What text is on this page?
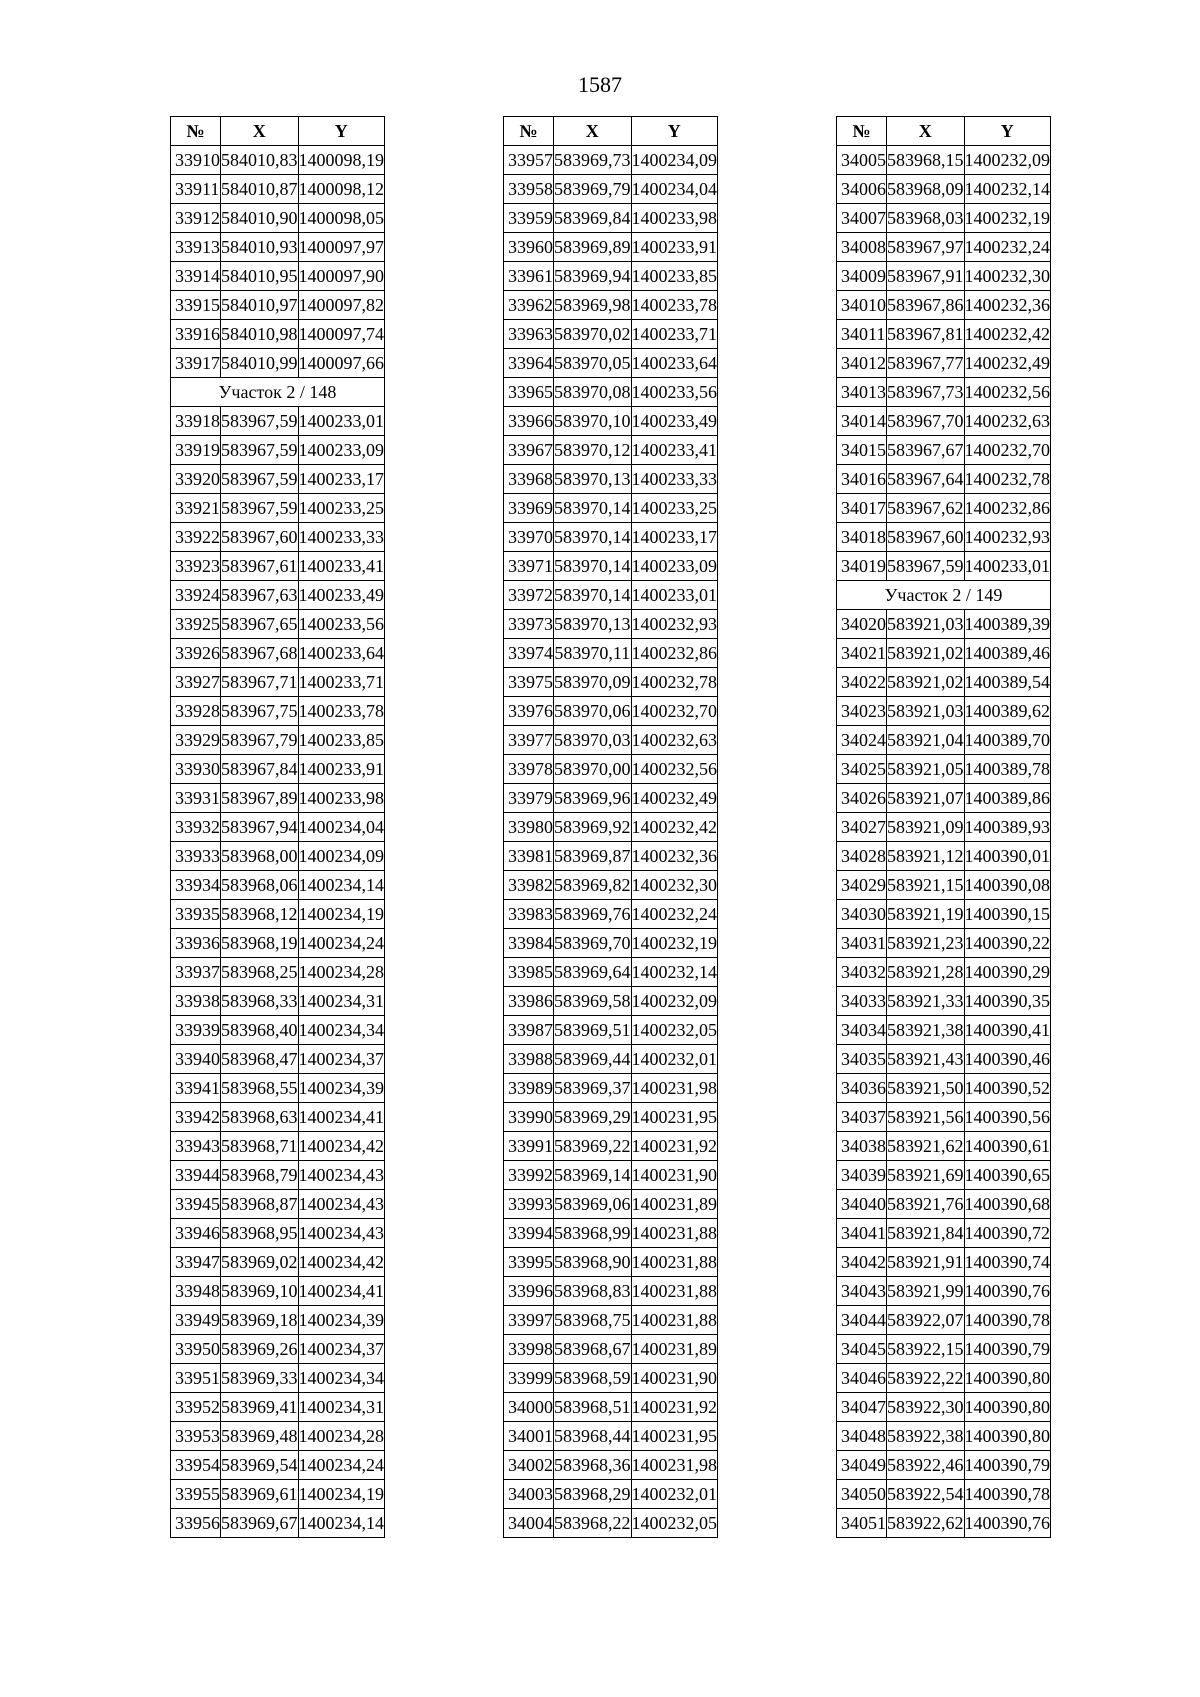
1587
№	X	Y
33910	584010,83	1400098,19
33911	584010,87	1400098,12
33912	584010,90	1400098,05
33913	584010,93	1400097,97
33914	584010,95	1400097,90
33915	584010,97	1400097,82
33916	584010,98	1400097,74
33917	584010,99	1400097,66
Участок 2 / 148		
33918	583967,59	1400233,01
33919	583967,59	1400233,09
33920	583967,59	1400233,17
33921	583967,59	1400233,25
33922	583967,60	1400233,33
33923	583967,61	1400233,41
33924	583967,63	1400233,49
33925	583967,65	1400233,56
33926	583967,68	1400233,64
33927	583967,71	1400233,71
33928	583967,75	1400233,78
33929	583967,79	1400233,85
33930	583967,84	1400233,91
33931	583967,89	1400233,98
33932	583967,94	1400234,04
33933	583968,00	1400234,09
33934	583968,06	1400234,14
33935	583968,12	1400234,19
33936	583968,19	1400234,24
33937	583968,25	1400234,28
33938	583968,33	1400234,31
33939	583968,40	1400234,34
33940	583968,47	1400234,37
33941	583968,55	1400234,39
33942	583968,63	1400234,41
33943	583968,71	1400234,42
33944	583968,79	1400234,43
33945	583968,87	1400234,43
33946	583968,95	1400234,43
33947	583969,02	1400234,42
33948	583969,10	1400234,41
33949	583969,18	1400234,39
33950	583969,26	1400234,37
33951	583969,33	1400234,34
33952	583969,41	1400234,31
33953	583969,48	1400234,28
33954	583969,54	1400234,24
33955	583969,61	1400234,19
33956	583969,67	1400234,14
№	X	Y
33957	583969,73	1400234,09
33958	583969,79	1400234,04
33959	583969,84	1400233,98
33960	583969,89	1400233,91
33961	583969,94	1400233,85
33962	583969,98	1400233,78
33963	583970,02	1400233,71
33964	583970,05	1400233,64
33965	583970,08	1400233,56
33966	583970,10	1400233,49
33967	583970,12	1400233,41
33968	583970,13	1400233,33
33969	583970,14	1400233,25
33970	583970,14	1400233,17
33971	583970,14	1400233,09
33972	583970,14	1400233,01
33973	583970,13	1400232,93
33974	583970,11	1400232,86
33975	583970,09	1400232,78
33976	583970,06	1400232,70
33977	583970,03	1400232,63
33978	583970,00	1400232,56
33979	583969,96	1400232,49
33980	583969,92	1400232,42
33981	583969,87	1400232,36
33982	583969,82	1400232,30
33983	583969,76	1400232,24
33984	583969,70	1400232,19
33985	583969,64	1400232,14
33986	583969,58	1400232,09
33987	583969,51	1400232,05
33988	583969,44	1400232,01
33989	583969,37	1400231,98
33990	583969,29	1400231,95
33991	583969,22	1400231,92
33992	583969,14	1400231,90
33993	583969,06	1400231,89
33994	583968,99	1400231,88
33995	583968,90	1400231,88
33996	583968,83	1400231,88
33997	583968,75	1400231,88
33998	583968,67	1400231,89
33999	583968,59	1400231,90
34000	583968,51	1400231,92
34001	583968,44	1400231,95
34002	583968,36	1400231,98
34003	583968,29	1400232,01
34004	583968,22	1400232,05
№	X	Y
34005	583968,15	1400232,09
34006	583968,09	1400232,14
34007	583968,03	1400232,19
34008	583967,97	1400232,24
34009	583967,91	1400232,30
34010	583967,86	1400232,36
34011	583967,81	1400232,42
34012	583967,77	1400232,49
34013	583967,73	1400232,56
34014	583967,70	1400232,63
34015	583967,67	1400232,70
34016	583967,64	1400232,78
34017	583967,62	1400232,86
34018	583967,60	1400232,93
34019	583967,59	1400233,01
Участок 2 / 149		
34020	583921,03	1400389,39
34021	583921,02	1400389,46
34022	583921,02	1400389,54
34023	583921,03	1400389,62
34024	583921,04	1400389,70
34025	583921,05	1400389,78
34026	583921,07	1400389,86
34027	583921,09	1400389,93
34028	583921,12	1400390,01
34029	583921,15	1400390,08
34030	583921,19	1400390,15
34031	583921,23	1400390,22
34032	583921,28	1400390,29
34033	583921,33	1400390,35
34034	583921,38	1400390,41
34035	583921,43	1400390,46
34036	583921,50	1400390,52
34037	583921,56	1400390,56
34038	583921,62	1400390,61
34039	583921,69	1400390,65
34040	583921,76	1400390,68
34041	583921,84	1400390,72
34042	583921,91	1400390,74
34043	583921,99	1400390,76
34044	583922,07	1400390,78
34045	583922,15	1400390,79
34046	583922,22	1400390,80
34047	583922,30	1400390,80
34048	583922,38	1400390,80
34049	583922,46	1400390,79
34050	583922,54	1400390,78
34051	583922,62	1400390,76
